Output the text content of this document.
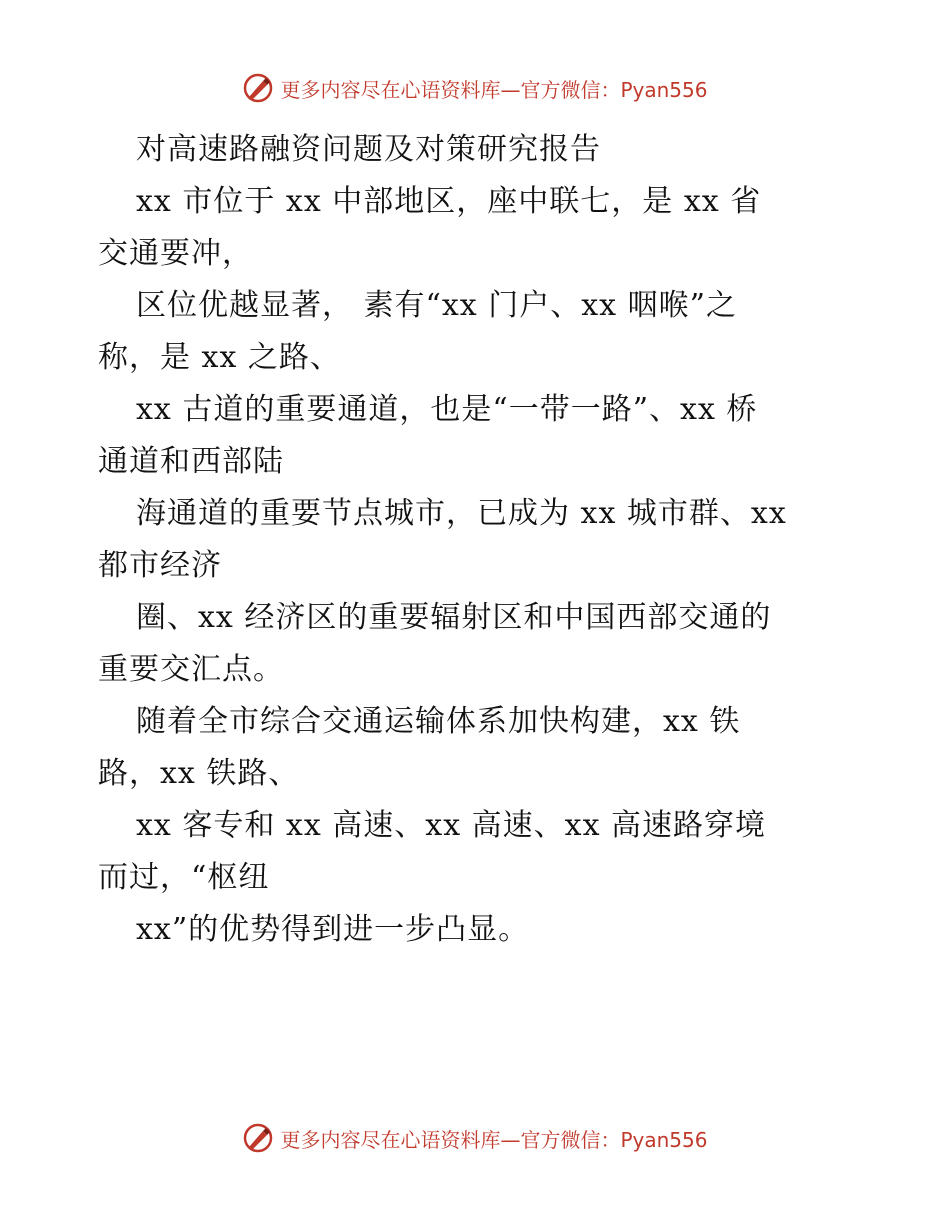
更多内容尽在心语资料库—官方微信：Pyan556
对高速路融资问题及对策研究报告
xx 市位于 xx 中部地区，座中联七，是 xx 省
交通要冲，
区位优越显著， 素有“xx 门户、xx 咽喉”之
称，是 xx 之路、
xx 古道的重要通道，也是“一带一路”、xx 桥
通道和西部陆
海通道的重要节点城市，已成为 xx 城市群、xx
都市经济
圈、xx 经济区的重要辐射区和中国西部交通的
重要交汇点。
随着全市综合交通运输体系加快构建，xx 铁
路，xx 铁路、
xx 客专和 xx 高速、xx 高速、xx 高速路穿境
而过，“枢纽
xx”的优势得到进一步凸显。
更多内容尽在心语资料库—官方微信：Pyan556
